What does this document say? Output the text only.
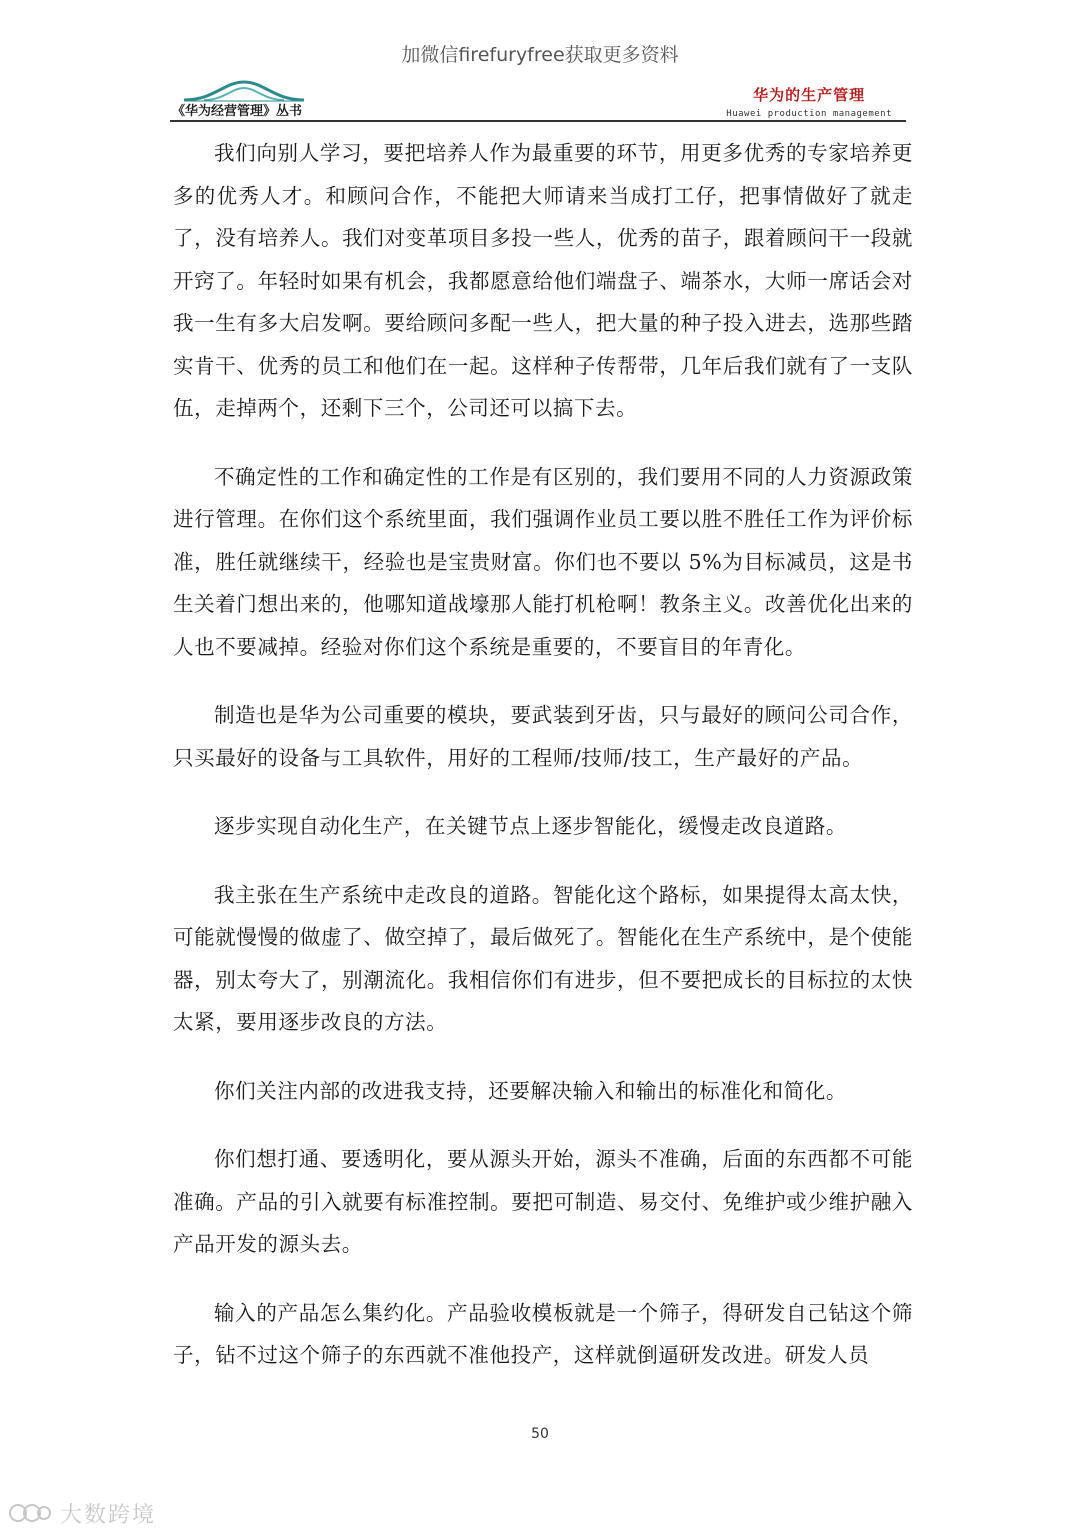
加微信firefuryfree获取更多资料
《华为经营管理》丛书
华为的生产管理
Huawei production management

我们向别人学习，要把培养人作为最重要的环节，用更多优秀的专家培养更多的优秀人才。和顾问合作，不能把大师请来当成打工仔，把事情做好了就走了，没有培养人。我们对变革项目多投一些人，优秀的苗子，跟着顾问干一段就开窍了。年轻时如果有机会，我都愿意给他们端盘子、端茶水，大师一席话会对我一生有多大启发啊。要给顾问多配一些人，把大量的种子投入进去，选那些踏实肯干、优秀的员工和他们在一起。这样种子传帮带，几年后我们就有了一支队伍，走掉两个，还剩下三个，公司还可以搞下去。

不确定性的工作和确定性的工作是有区别的，我们要用不同的人力资源政策进行管理。在你们这个系统里面，我们强调作业员工要以胜不胜任工作为评价标准，胜任就继续干，经验也是宝贵财富。你们也不要以 5%为目标减员，这是书生关着门想出来的，他哪知道战壕那人能打机枪啊！教条主义。改善优化出来的人也不要减掉。经验对你们这个系统是重要的，不要盲目的年青化。

制造也是华为公司重要的模块，要武装到牙齿，只与最好的顾问公司合作，只买最好的设备与工具软件，用好的工程师/技师/技工，生产最好的产品。

逐步实现自动化生产，在关键节点上逐步智能化，缓慢走改良道路。

我主张在生产系统中走改良的道路。智能化这个路标，如果提得太高太快，可能就慢慢的做虚了、做空掉了，最后做死了。智能化在生产系统中，是个使能器，别太夸大了，别潮流化。我相信你们有进步，但不要把成长的目标拉的太快太紧，要用逐步改良的方法。

你们关注内部的改进我支持，还要解决输入和输出的标准化和简化。

你们想打通、要透明化，要从源头开始，源头不准确，后面的东西都不可能准确。产品的引入就要有标准控制。要把可制造、易交付、免维护或少维护融入产品开发的源头去。

输入的产品怎么集约化。产品验收模板就是一个筛子，得研发自己钻这个筛子，钻不过这个筛子的东西就不准他投产，这样就倒逼研发改进。研发人员

50
大数跨境
